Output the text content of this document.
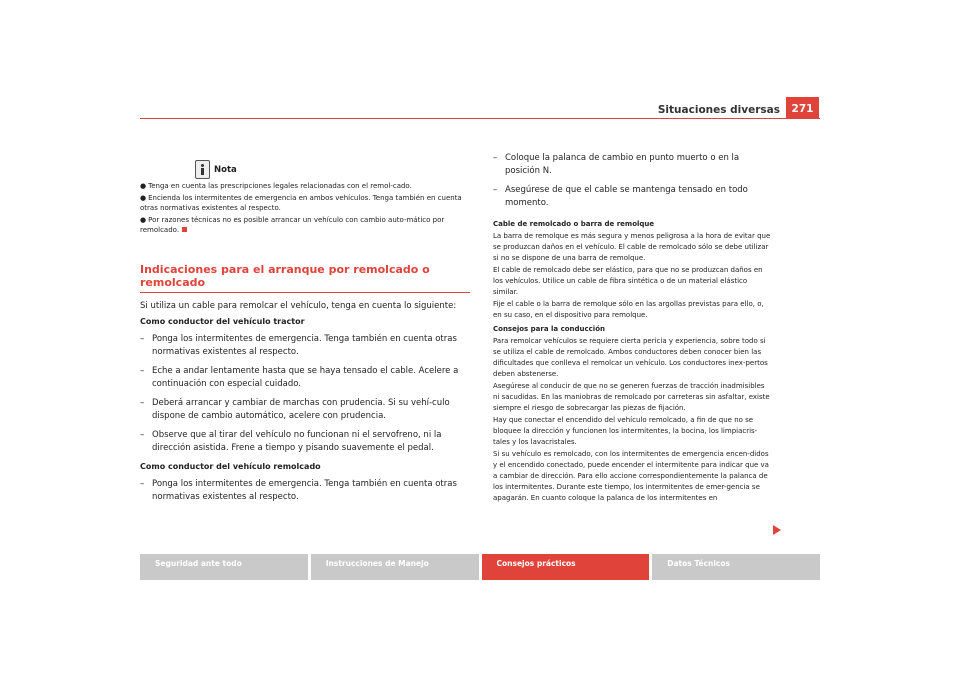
Situaciones diversas	271
Nota
● Tenga en cuenta las prescripciones legales relacionadas con el remol-cado.
● Encienda los intermitentes de emergencia en ambos vehículos. Tenga también en cuenta otras normativas existentes al respecto.
● Por razones técnicas no es posible arrancar un vehículo con cambio auto-mático por remolcado.
Indicaciones para el arranque por remolcado o remolcado
Si utiliza un cable para remolcar el vehículo, tenga en cuenta lo siguiente:
Como conductor del vehículo tractor
– Ponga los intermitentes de emergencia. Tenga también en cuenta otras normativas existentes al respecto.
– Eche a andar lentamente hasta que se haya tensado el cable. Acelere a continuación con especial cuidado.
– Deberá arrancar y cambiar de marchas con prudencia. Si su vehí-culo dispone de cambio automático, acelere con prudencia.
– Observe que al tirar del vehículo no funcionan ni el servofreno, ni la dirección asistida. Frene a tiempo y pisando suavemente el pedal.
Como conductor del vehículo remolcado
– Ponga los intermitentes de emergencia. Tenga también en cuenta otras normativas existentes al respecto.
– Coloque la palanca de cambio en punto muerto o en la posición N.
– Asegúrese de que el cable se mantenga tensado en todo momento.
Cable de remolcado o barra de remolque
La barra de remolque es más segura y menos peligrosa a la hora de evitar que se produzcan daños en el vehículo. El cable de remolcado sólo se debe utilizar si no se dispone de una barra de remolque.
El cable de remolcado debe ser elástico, para que no se produzcan daños en los vehículos. Utilice un cable de fibra sintética o de un material elástico similar.
Fije el cable o la barra de remolque sólo en las argollas previstas para ello, o, en su caso, en el dispositivo para remolque.
Consejos para la conducción
Para remolcar vehículos se requiere cierta pericia y experiencia, sobre todo si se utiliza el cable de remolcado. Ambos conductores deben conocer bien las dificultades que conlleva el remolcar un vehículo. Los conductores inex-pertos deben abstenerse.
Asegúrese al conducir de que no se generen fuerzas de tracción inadmisibles ni sacudidas. En las maniobras de remolcado por carreteras sin asfaltar, existe siempre el riesgo de sobrecargar las piezas de fijación.
Hay que conectar el encendido del vehículo remolcado, a fin de que no se bloquee la dirección y funcionen los intermitentes, la bocina, los limpiacris-tales y los lavacristales.
Si su vehículo es remolcado, con los intermitentes de emergencia encen-didos y el encendido conectado, puede encender el intermitente para indicar que va a cambiar de dirección. Para ello accione correspondientemente la palanca de los intermitentes. Durante este tiempo, los intermitentes de emer-gencia se apagarán. En cuanto coloque la palanca de los intermitentes en
Seguridad ante todo	Instrucciones de Manejo	Consejos prácticos	Datos Técnicos
